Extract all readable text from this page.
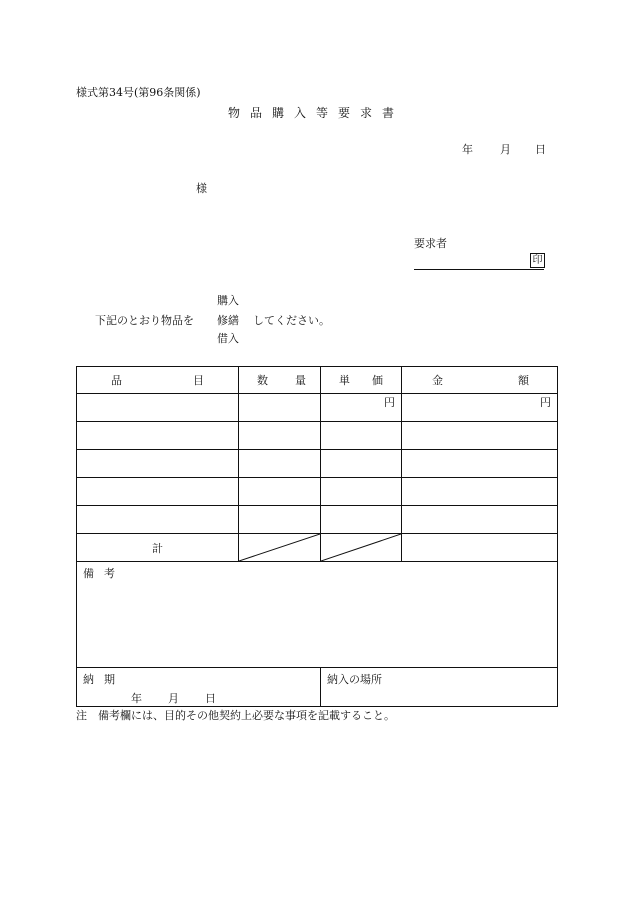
様式第34号(第96条関係)
物品購入等要求書
年 月 日
様
要求者
印
購入
下記のとおり物品を 修繕 してください。
借入
品 目	数 量	単 価	金 額

		円	円

計	

備 考			

納 期
年 月 日		納入の場所	
注　備考欄には、目的その他契約上必要な事項を記載すること。
